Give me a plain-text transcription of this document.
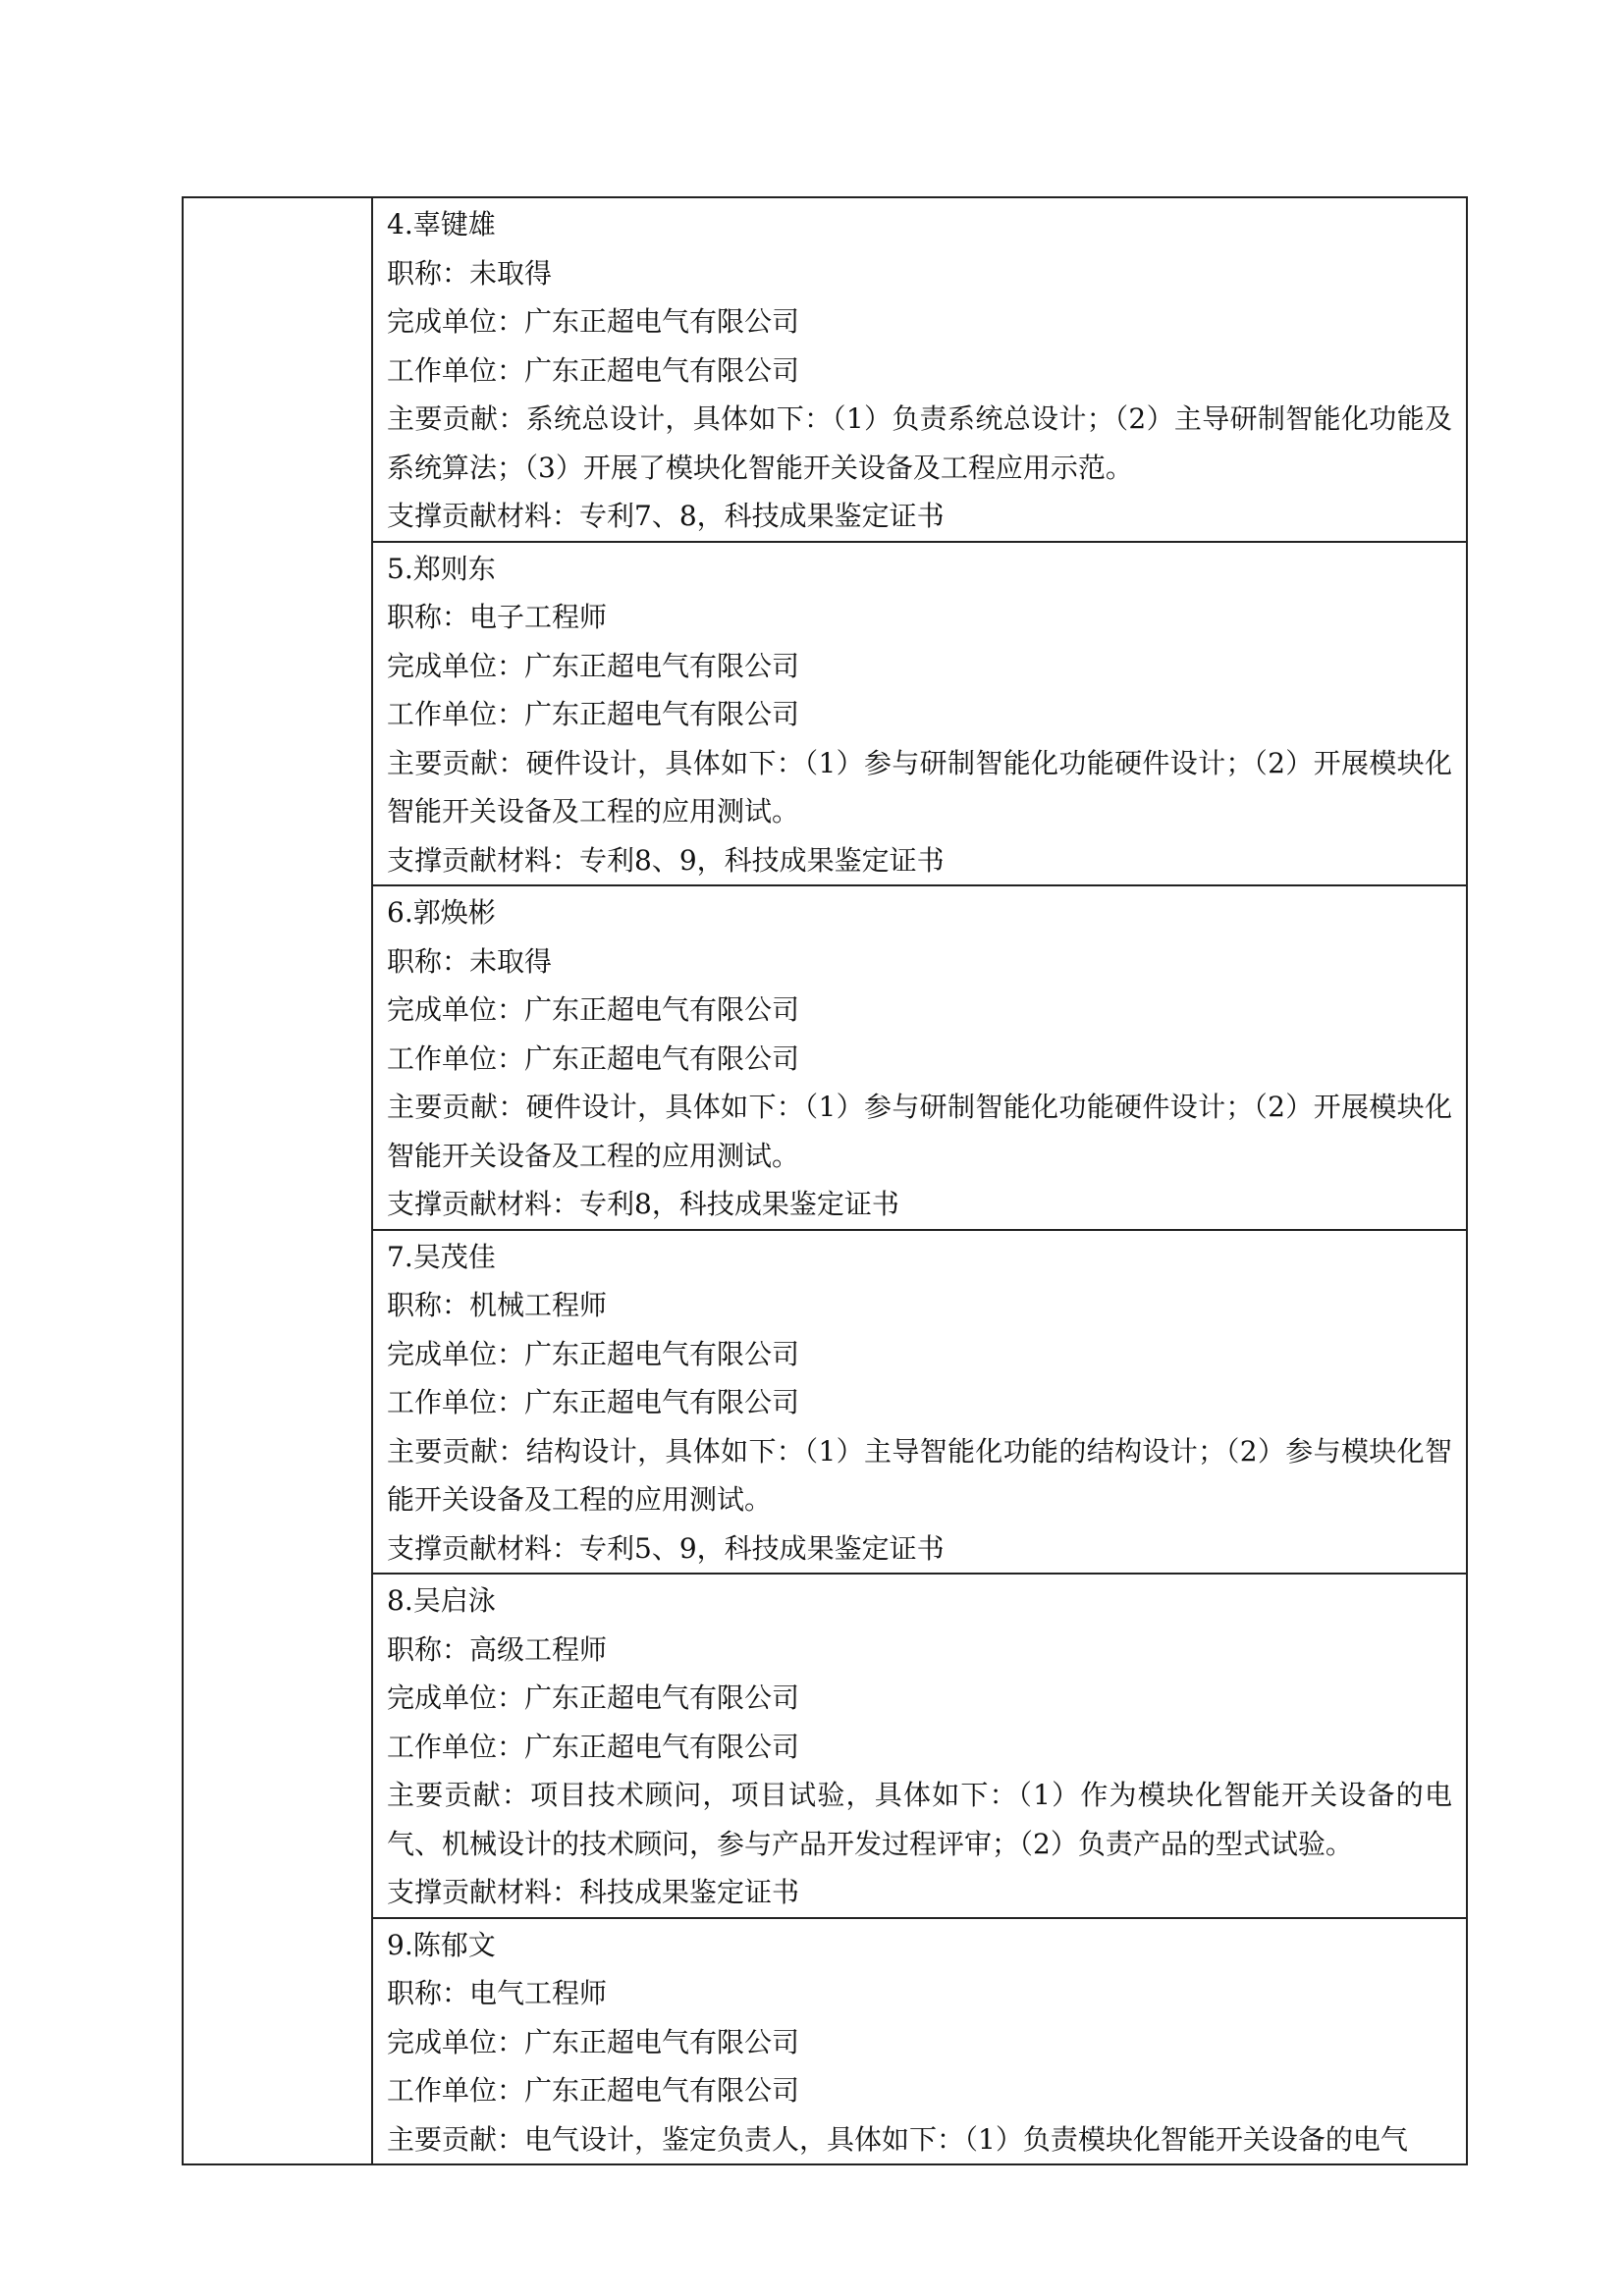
4.辜键雄
职称：未取得
完成单位：广东正超电气有限公司
工作单位：广东正超电气有限公司
主要贡献：系统总设计，具体如下：（1）负责系统总设计；（2）主导研制智能化功能及系统算法；（3）开展了模块化智能开关设备及工程应用示范。
支撑贡献材料：专利7、8，科技成果鉴定证书

5.郑则东
职称：电子工程师
完成单位：广东正超电气有限公司
工作单位：广东正超电气有限公司
主要贡献：硬件设计，具体如下：（1）参与研制智能化功能硬件设计；（2）开展模块化智能开关设备及工程的应用测试。
支撑贡献材料：专利8、9，科技成果鉴定证书

6.郭焕彬
职称：未取得
完成单位：广东正超电气有限公司
工作单位：广东正超电气有限公司
主要贡献：硬件设计，具体如下：（1）参与研制智能化功能硬件设计；（2）开展模块化智能开关设备及工程的应用测试。
支撑贡献材料：专利8，科技成果鉴定证书

7.吴茂佳
职称：机械工程师
完成单位：广东正超电气有限公司
工作单位：广东正超电气有限公司
主要贡献：结构设计，具体如下：（1）主导智能化功能的结构设计；（2）参与模块化智能开关设备及工程的应用测试。
支撑贡献材料：专利5、9，科技成果鉴定证书

8.吴启泳
职称：高级工程师
完成单位：广东正超电气有限公司
工作单位：广东正超电气有限公司
主要贡献：项目技术顾问，项目试验，具体如下：（1）作为模块化智能开关设备的电气、机械设计的技术顾问，参与产品开发过程评审；（2）负责产品的型式试验。
支撑贡献材料：科技成果鉴定证书

9.陈郁文
职称：电气工程师
完成单位：广东正超电气有限公司
工作单位：广东正超电气有限公司
主要贡献：电气设计，鉴定负责人，具体如下：（1）负责模块化智能开关设备的电气
